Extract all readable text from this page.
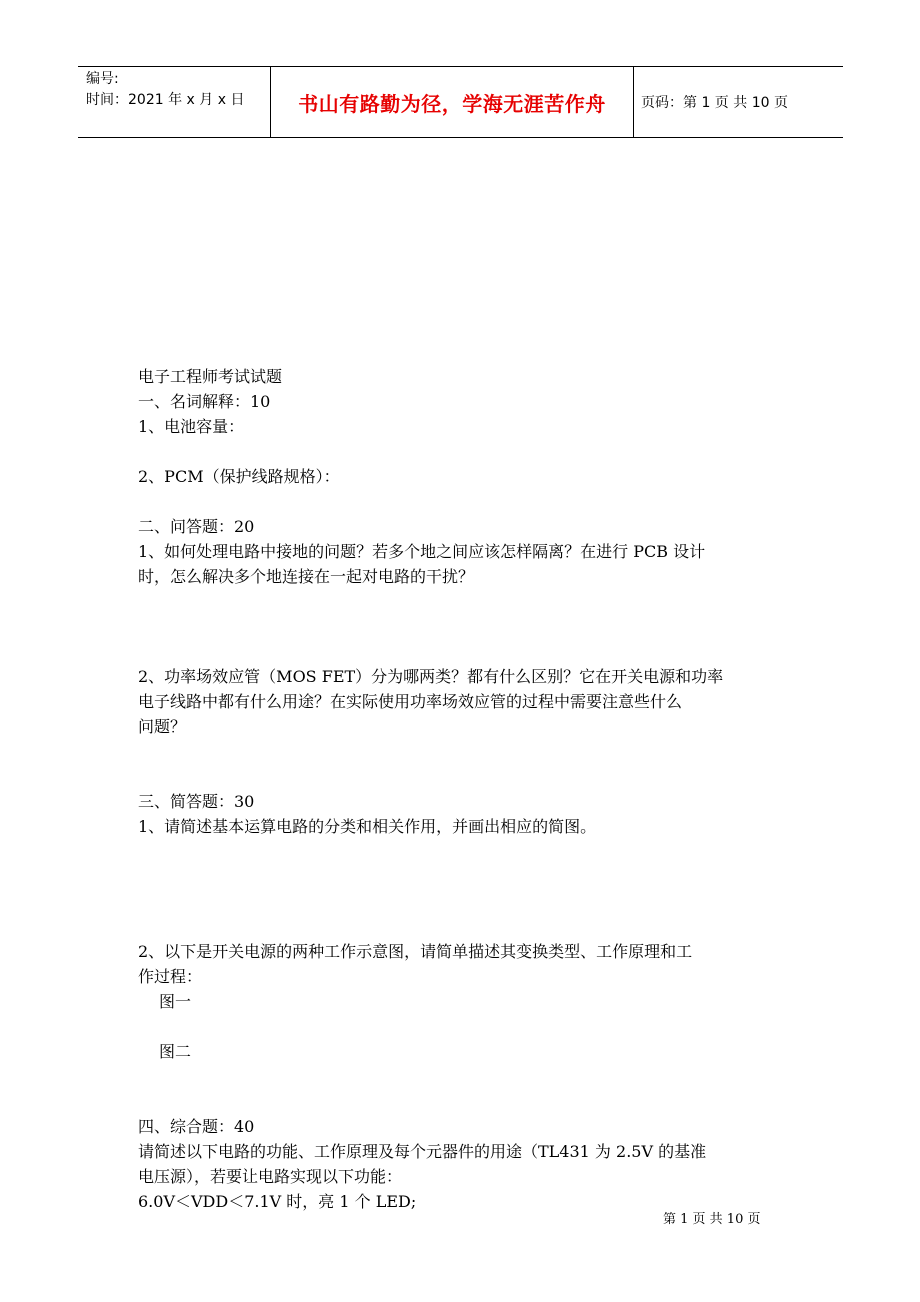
编号:
时间：2021 年 x 月 x 日	书山有路勤为径，学海无涯苦作舟	页码：第 1 页 共 10 页

电子工程师考试试题

一、名词解释：10

1、电池容量：

2、PCM（保护线路规格）：

二、问答题：20

1、如何处理电路中接地的问题？若多个地之间应该怎样隔离？在进行 PCB 设计

时，怎么解决多个地连接在一起对电路的干扰？

2、功率场效应管（MOS FET）分为哪两类？都有什么区别？它在开关电源和功率

电子线路中都有什么用途？在实际使用功率场效应管的过程中需要注意些什么

问题？

三、简答题：30

1、请简述基本运算电路的分类和相关作用，并画出相应的简图。

2、以下是开关电源的两种工作示意图，请简单描述其变换类型、工作原理和工

作过程：

图一

图二

四、综合题：40

请简述以下电路的功能、工作原理及每个元器件的用途（TL431 为 2.5V 的基准

电压源），若要让电路实现以下功能：

6.0V＜VDD＜7.1V 时，亮 1 个 LED;

第 1 页 共 10 页
